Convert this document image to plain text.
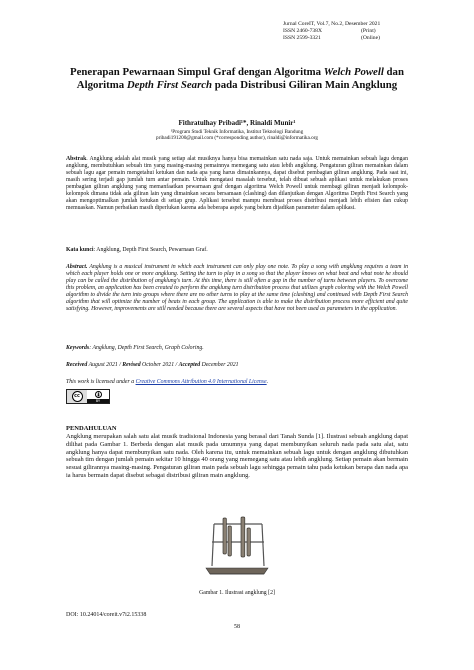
Jurnal CoreIT, Vol.7, No.2, Desember 2021
ISSN 2460-738X	(Print)
ISSN 2599-3321	(Online)
Penerapan Pewarnaan Simpul Graf dengan Algoritma Welch Powell dan Algoritma Depth First Search pada Distribusi Giliran Main Angklung
Fithratulhay Pribadi¹*, Rinaldi Munir¹
¹Program Studi Teknik Informatika, Institut Teknologi Bandung
pribadi191200@gmail.com (*corresponding author), rinaldi@informatika.org
Abstrak. Angklung adalah alat musik yang setiap alat musiknya hanya bisa memainkan satu nada saja. Untuk memainkan sebuah lagu dengan angklung, membutuhkan sebuah tim yang masing-masing pemainnya memegang satu atau lebih angklung. Pengaturan giliran memainkan dalam sebuah lagu agar pemain mengetahui ketukan dan nada apa yang harus dimainkannya, dapat disebut pembagian giliran angklung. Pada saat ini, masih sering terjadi gap jumlah turn antar pemain. Untuk mengatasi masalah tersebut, telah dibuat sebuah aplikasi untuk melakukan proses pembagian giliran angklung yang memanfaatkan pewarnaan graf dengan algoritma Welch Powell untuk membagi giliran menjadi kelompok-kelompok dimana tidak ada giliran lain yang dimainkan secara bersamaan (clashing) dan dilanjutkan dengan Algoritma Depth First Search yang akan mengoptimalkan jumlah ketukan di setiap grup. Aplikasi tersebut mampu membuat proses distribusi menjadi lebih efisien dan cukup memuaskan. Namun perbaikan masih diperlukan karena ada beberapa aspek yang belum dijadikan parameter dalam aplikasi.
Kata kunci: Angklung, Depth First Search, Pewarnaan Graf.
Abstract. Angklung is a musical instrument in which each instrument can only play one note. To play a song with angklung requires a team in which each player holds one or more angklung. Setting the turn to play in a song so that the player knows on what beat and what note he should play can be called the distribution of angklung's turn. At this time, there is still often a gap in the number of turns between players. To overcome this problem, an application has been created to perform the angklung turn distribution process that utilizes graph coloring with the Welch Powell algorithm to divide the turn into groups where there are no other turns to play at the same time (clashing) and continued with Depth First Search algorithm that will optimize the number of beats in each group. The application is able to make the distribution process more efficient and quite satisfying. However, improvements are still needed because there are several aspects that have not been used as parameters in the application.
Keywords: Angklung, Depth First Search, Graph Coloring.
Received August 2021 / Revised October 2021 / Accepted December 2021
This work is licensed under a Creative Commons Attribution 4.0 International License.
cc
BY
PENDAHULUAN
Angklung merupakan salah satu alat musik tradisional Indonesia yang berasal dari Tanah Sunda [1]. Ilustrasi sebuah angklung dapat dilihat pada Gambar 1. Berbeda dengan alat musik pada umumnya yang dapat membunyikan seluruh nada pada satu alat, satu angklung hanya dapat membunyikan satu nada. Oleh karena itu, untuk memainkan sebuah lagu untuk dengan angklung dibutuhkan sebuah tim dengan jumlah pemain sekitar 10 hingga 40 orang yang memegang satu atau lebih angklung. Setiap pemain akan bermain sesuai gilirannya masing-masing. Pengaturan giliran main pada sebuah lagu sehingga pemain tahu pada ketukan berapa dan nada apa ia harus bermain dapat disebut sebagai distribusi giliran main angklung.
Gambar 1. Ilustrasi angklung [2]
DOI: 10.24014/coreit.v7i2.15338
58
